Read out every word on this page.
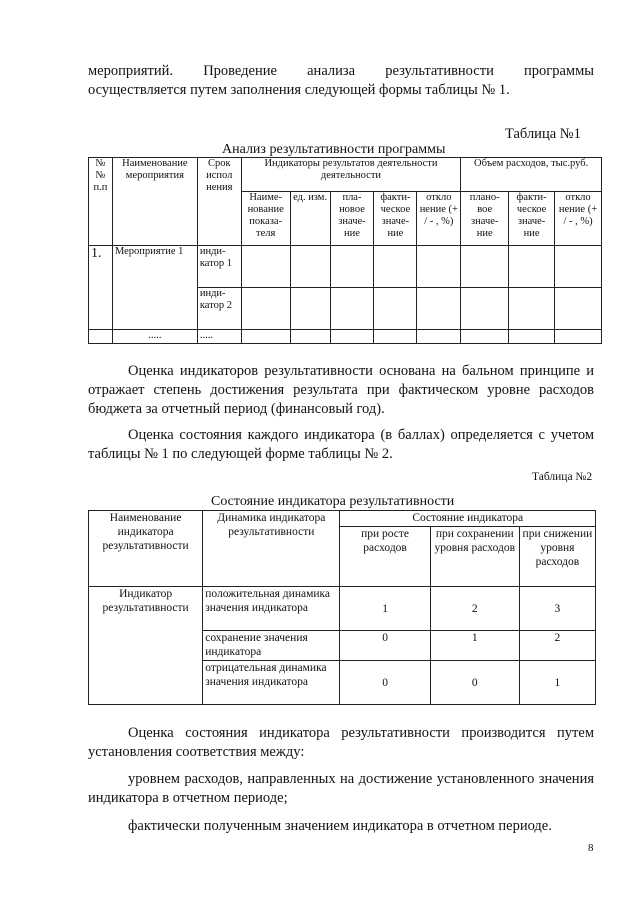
мероприятий. Проведение анализа результативности программы
осуществляется путем заполнения следующей формы таблицы № 1.
Таблица №1
Анализ результативности программы
№ № п.п	Наименование мероприятия	Срок испол нения	Индикаторы результатов деятельности деятельности					Объем расходов, тыс.руб.		
			Наиме- нование показа- теля	ед. изм.	пла- новое значе- ние	факти- ческое значе- ние	откло нение (+ / - , %)	плано- вое значе- ние	факти- ческое значе- ние	откло нение (+ / - , %)
1.	Мероприятие 1	инди- катор 1								
		инди- катор 2								
	.....	.....								
Оценка индикаторов результативности основана на бальном принципе и отражает степень достижения результата при фактическом уровне расходов бюджета за отчетный период (финансовый год).
Оценка состояния каждого индикатора (в баллах) определяется с учетом таблицы № 1 по следующей форме таблицы № 2.
Таблица №2
Состояние индикатора результативности
Наименование индикатора результативности	Динамика индикатора результативности	Состояние индикатора		
		при росте расходов	при сохранении уровня расходов	при снижении уровня расходов
Индикатор результативности	положительная динамика значения индикатора	1	2	3
	сохранение значения индикатора	0	1	2
	отрицательная динамика значения индикатора	0	0	1
Оценка состояния индикатора результативности производится путем установления соответствия между:
уровнем расходов, направленных на достижение установленного значения индикатора в отчетном периоде;
фактически полученным значением индикатора в отчетном периоде.
8
